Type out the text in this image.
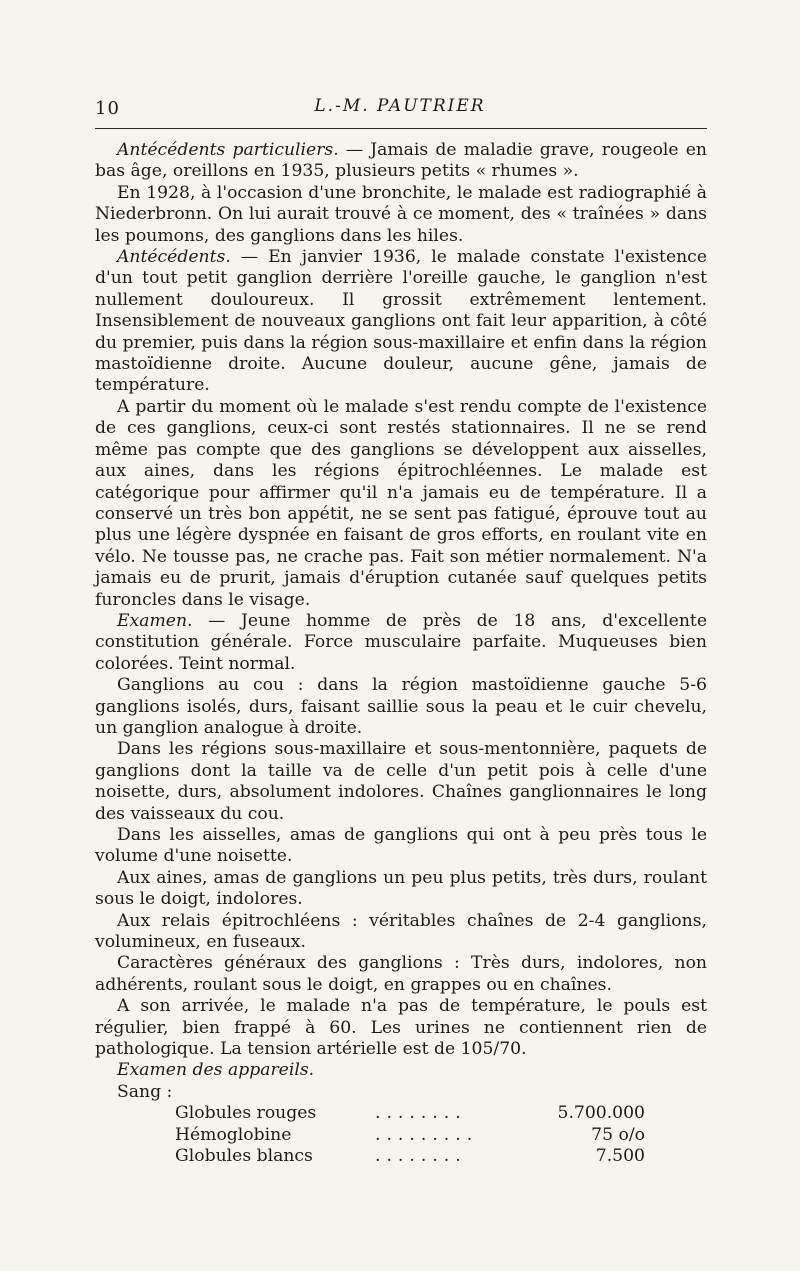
10	L.-M. PAUTRIER

Antécédents particuliers. — Jamais de maladie grave, rougeole en bas âge, oreillons en 1935, plusieurs petits « rhumes ».

En 1928, à l'occasion d'une bronchite, le malade est radiographié à Niederbronn. On lui aurait trouvé à ce moment, des « traînées » dans les poumons, des ganglions dans les hiles.

Antécédents. — En janvier 1936, le malade constate l'existence d'un tout petit ganglion derrière l'oreille gauche, le ganglion n'est nullement douloureux. Il grossit extrêmement lentement. Insensiblement de nouveaux ganglions ont fait leur apparition, à côté du premier, puis dans la région sous-maxillaire et enfin dans la région mastoïdienne droite. Aucune douleur, aucune gêne, jamais de température.

A partir du moment où le malade s'est rendu compte de l'existence de ces ganglions, ceux-ci sont restés stationnaires. Il ne se rend même pas compte que des ganglions se développent aux aisselles, aux aines, dans les régions épitrochléennes. Le malade est catégorique pour affirmer qu'il n'a jamais eu de température. Il a conservé un très bon appétit, ne se sent pas fatigué, éprouve tout au plus une légère dyspnée en faisant de gros efforts, en roulant vite en vélo. Ne tousse pas, ne crache pas. Fait son métier normalement. N'a jamais eu de prurit, jamais d'éruption cutanée sauf quelques petits furoncles dans le visage.

Examen. — Jeune homme de près de 18 ans, d'excellente constitution générale. Force musculaire parfaite. Muqueuses bien colorées. Teint normal.

Ganglions au cou : dans la région mastoïdienne gauche 5-6 ganglions isolés, durs, faisant saillie sous la peau et le cuir chevelu, un ganglion analogue à droite.

Dans les régions sous-maxillaire et sous-mentonnière, paquets de ganglions dont la taille va de celle d'un petit pois à celle d'une noisette, durs, absolument indolores. Chaînes ganglionnaires le long des vaisseaux du cou.

Dans les aisselles, amas de ganglions qui ont à peu près tous le volume d'une noisette.

Aux aines, amas de ganglions un peu plus petits, très durs, roulant sous le doigt, indolores.

Aux relais épitrochléens : véritables chaînes de 2-4 ganglions, volumineux, en fuseaux.

Caractères généraux des ganglions : Très durs, indolores, non adhérents, roulant sous le doigt, en grappes ou en chaînes.

A son arrivée, le malade n'a pas de température, le pouls est régulier, bien frappé à 60. Les urines ne contiennent rien de pathologique. La tension artérielle est de 105/70.

Examen des appareils.

Sang :

Globules rouges	........	5.700.000
Hémoglobine	.........	75 o/o
Globules blancs	........	7.500
